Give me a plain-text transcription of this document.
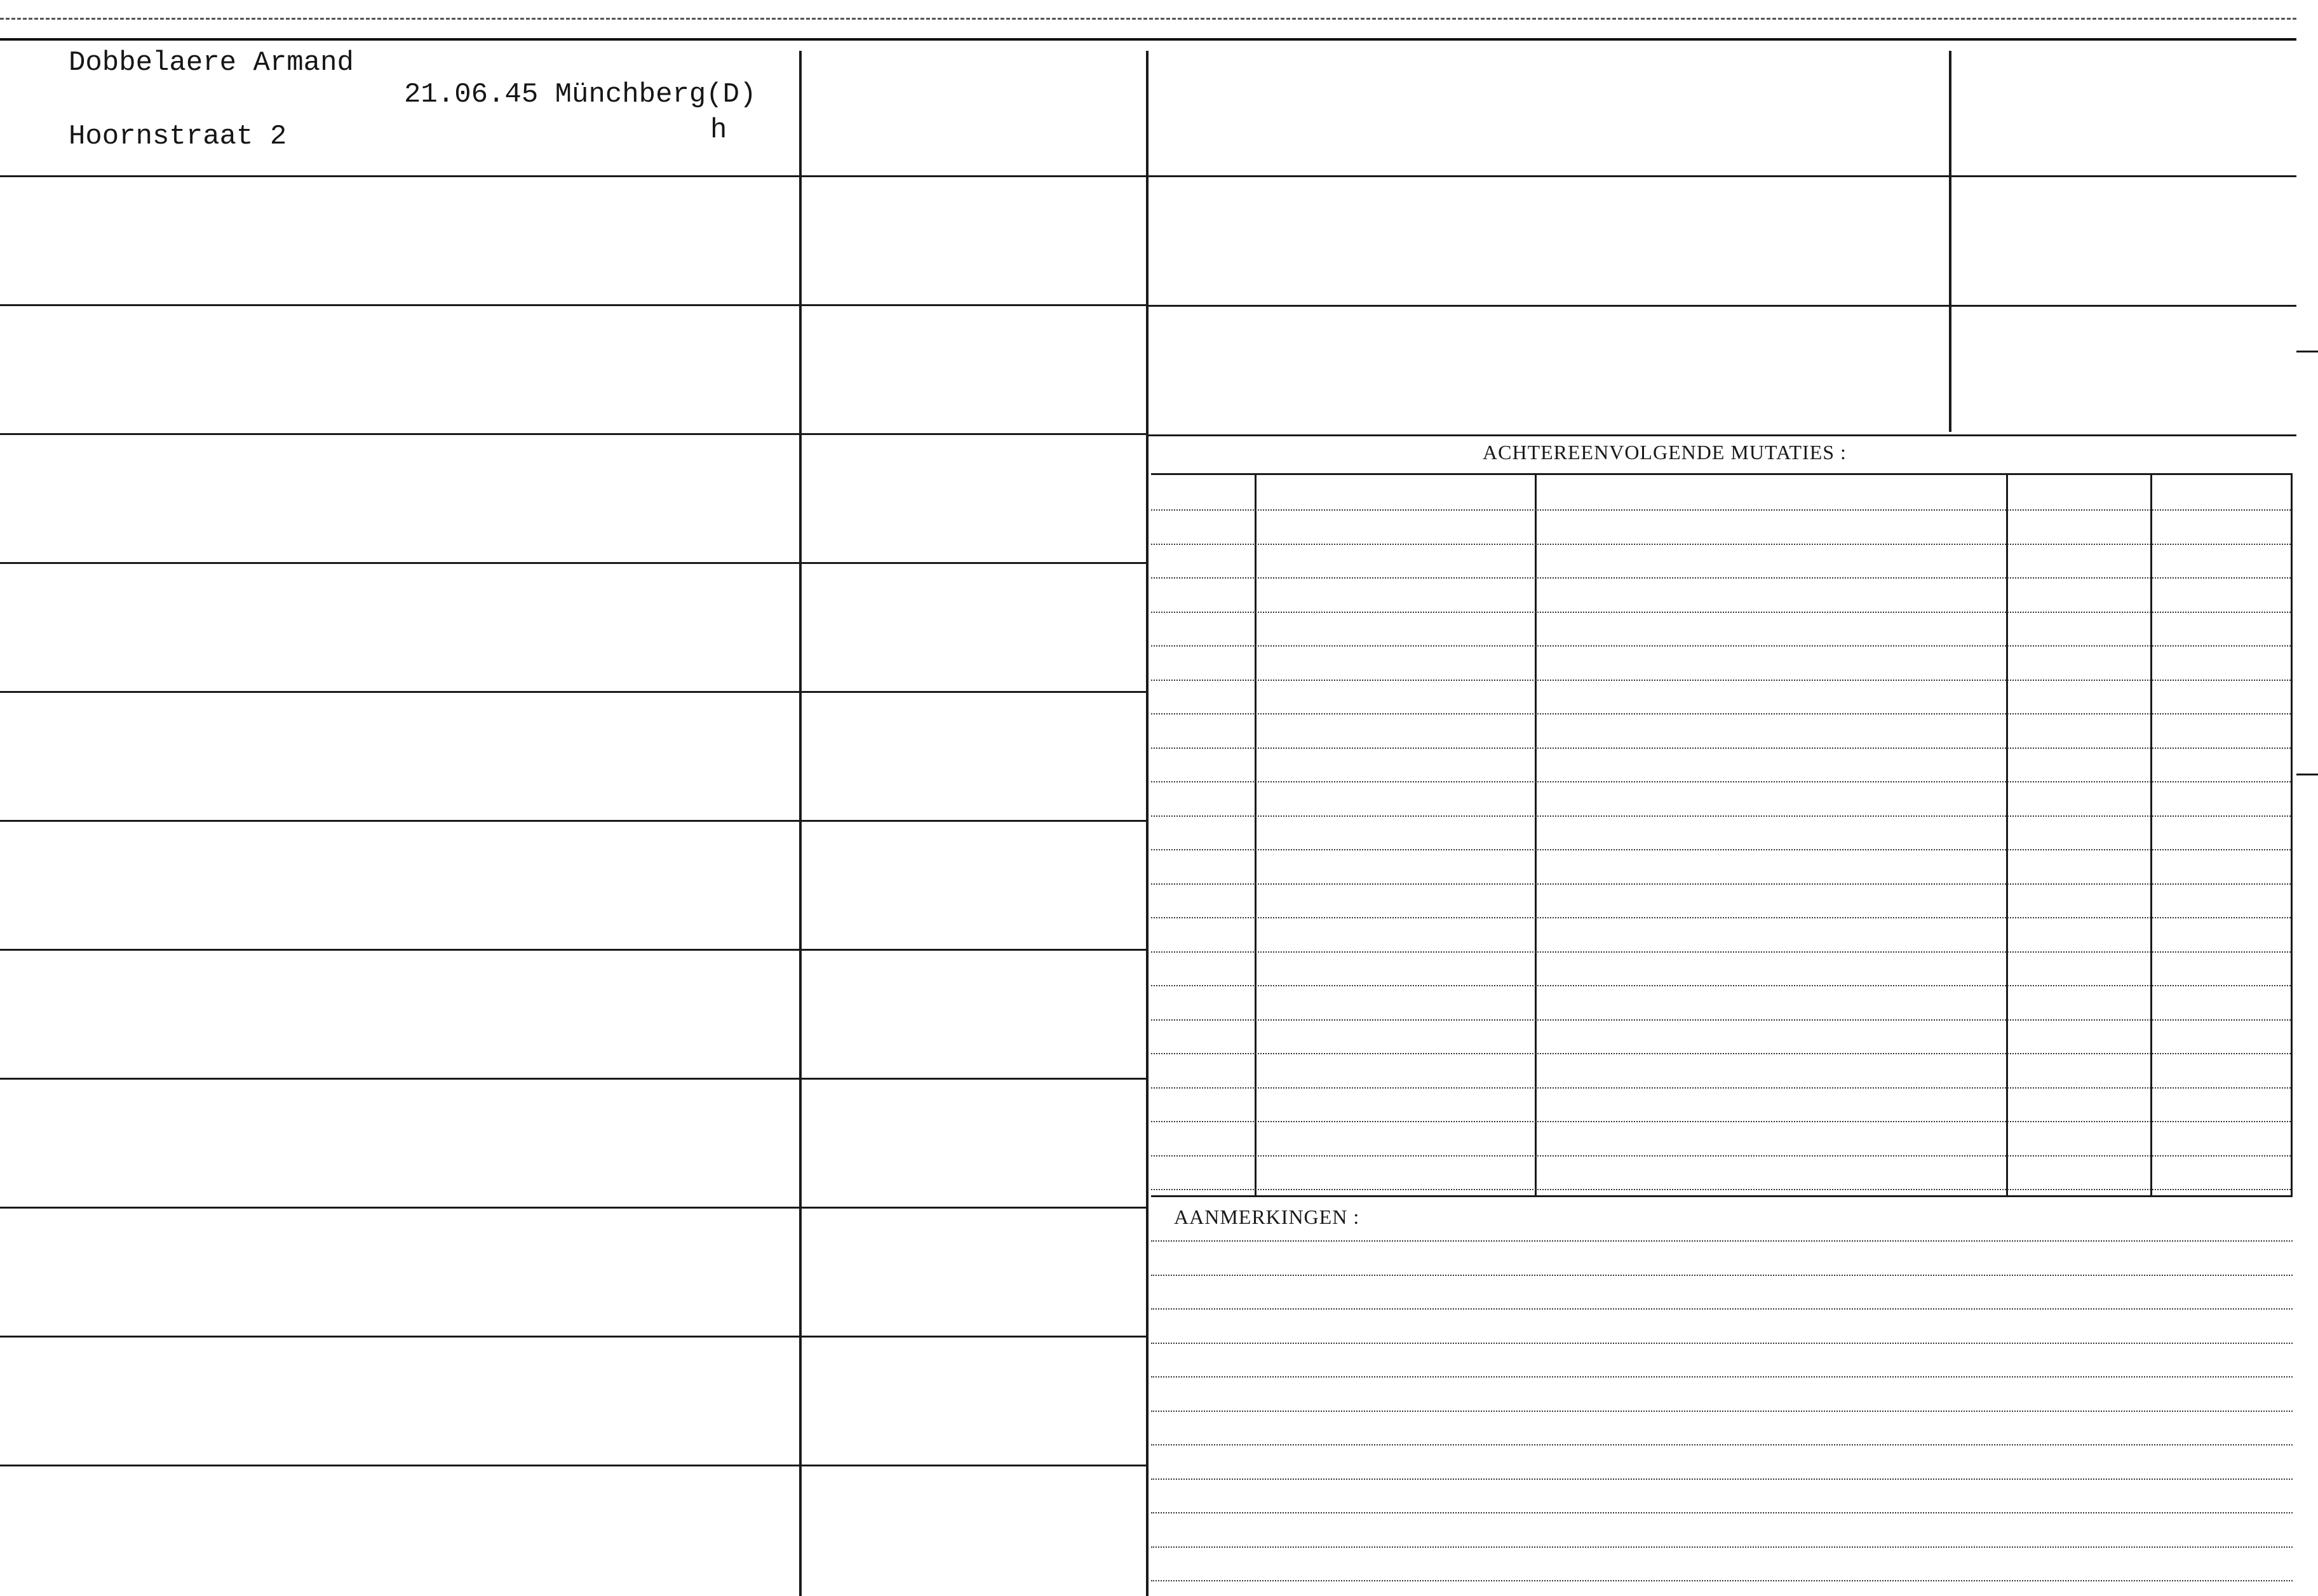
Dobbelaere Armand
Hoornstraat 2
21.06.45 Münchberg(D)
h
ACHTEREENVOLGENDE MUTATIES :
AANMERKINGEN :
